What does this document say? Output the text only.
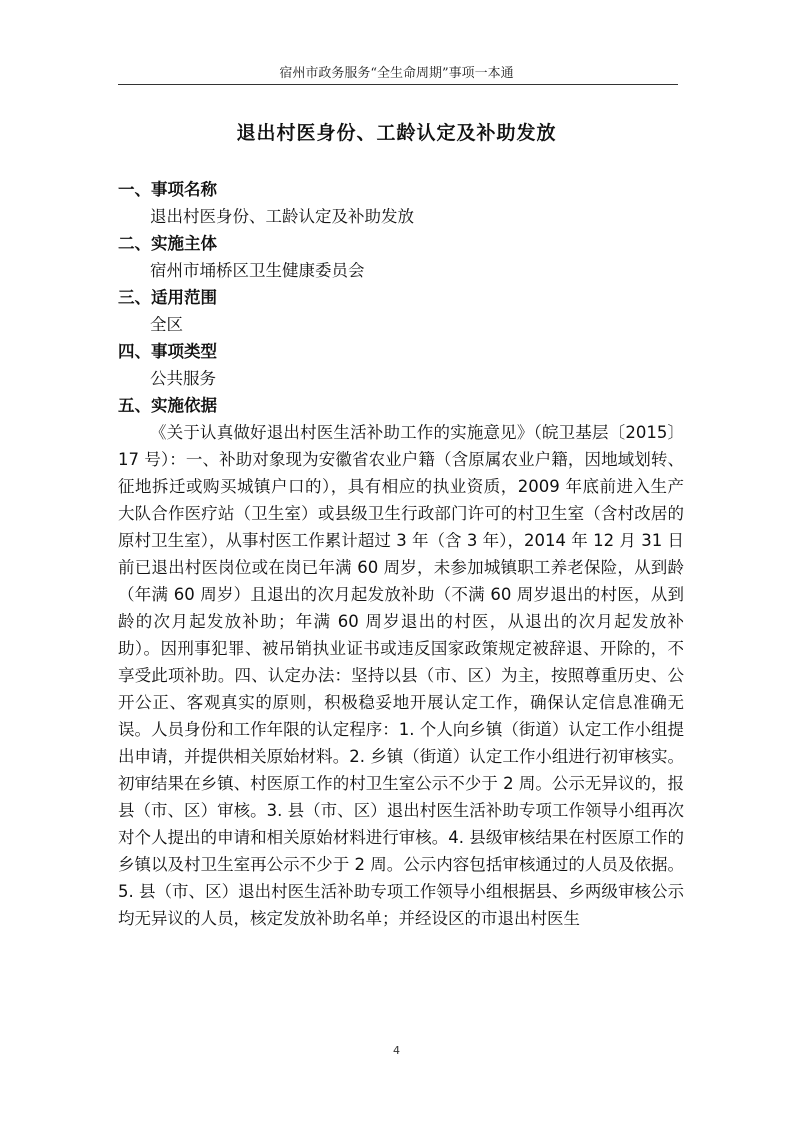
宿州市政务服务“全生命周期”事项一本通
退出村医身份、工龄认定及补助发放

一、事项名称

退出村医身份、工龄认定及补助发放

二、实施主体

宿州市埇桥区卫生健康委员会

三、适用范围

全区

四、事项类型

公共服务

五、实施依据

《关于认真做好退出村医生活补助工作的实施意见》（皖卫基层〔2015〕17 号）：一、补助对象现为安徽省农业户籍（含原属农业户籍，因地域划转、征地拆迁或购买城镇户口的），具有相应的执业资质，2009 年底前进入生产大队合作医疗站（卫生室）或县级卫生行政部门许可的村卫生室（含村改居的原村卫生室），从事村医工作累计超过 3 年（含 3 年），2014 年 12 月 31 日前已退出村医岗位或在岗已年满 60 周岁，未参加城镇职工养老保险，从到龄（年满 60 周岁）且退出的次月起发放补助（不满 60 周岁退出的村医，从到龄的次月起发放补助；年满 60 周岁退出的村医，从退出的次月起发放补助）。因刑事犯罪、被吊销执业证书或违反国家政策规定被辞退、开除的，不享受此项补助。四、认定办法：坚持以县（市、区）为主，按照尊重历史、公开公正、客观真实的原则，积极稳妥地开展认定工作，确保认定信息准确无误。人员身份和工作年限的认定程序：1. 个人向乡镇（街道）认定工作小组提出申请，并提供相关原始材料。2. 乡镇（街道）认定工作小组进行初审核实。初审结果在乡镇、村医原工作的村卫生室公示不少于 2 周。公示无异议的，报县（市、区）审核。3. 县（市、区）退出村医生活补助专项工作领导小组再次对个人提出的申请和相关原始材料进行审核。4. 县级审核结果在村医原工作的乡镇以及村卫生室再公示不少于 2 周。公示内容包括审核通过的人员及依据。5. 县（市、区）退出村医生活补助专项工作领导小组根据县、乡两级审核公示均无异议的人员，核定发放补助名单；并经设区的市退出村医生

4
